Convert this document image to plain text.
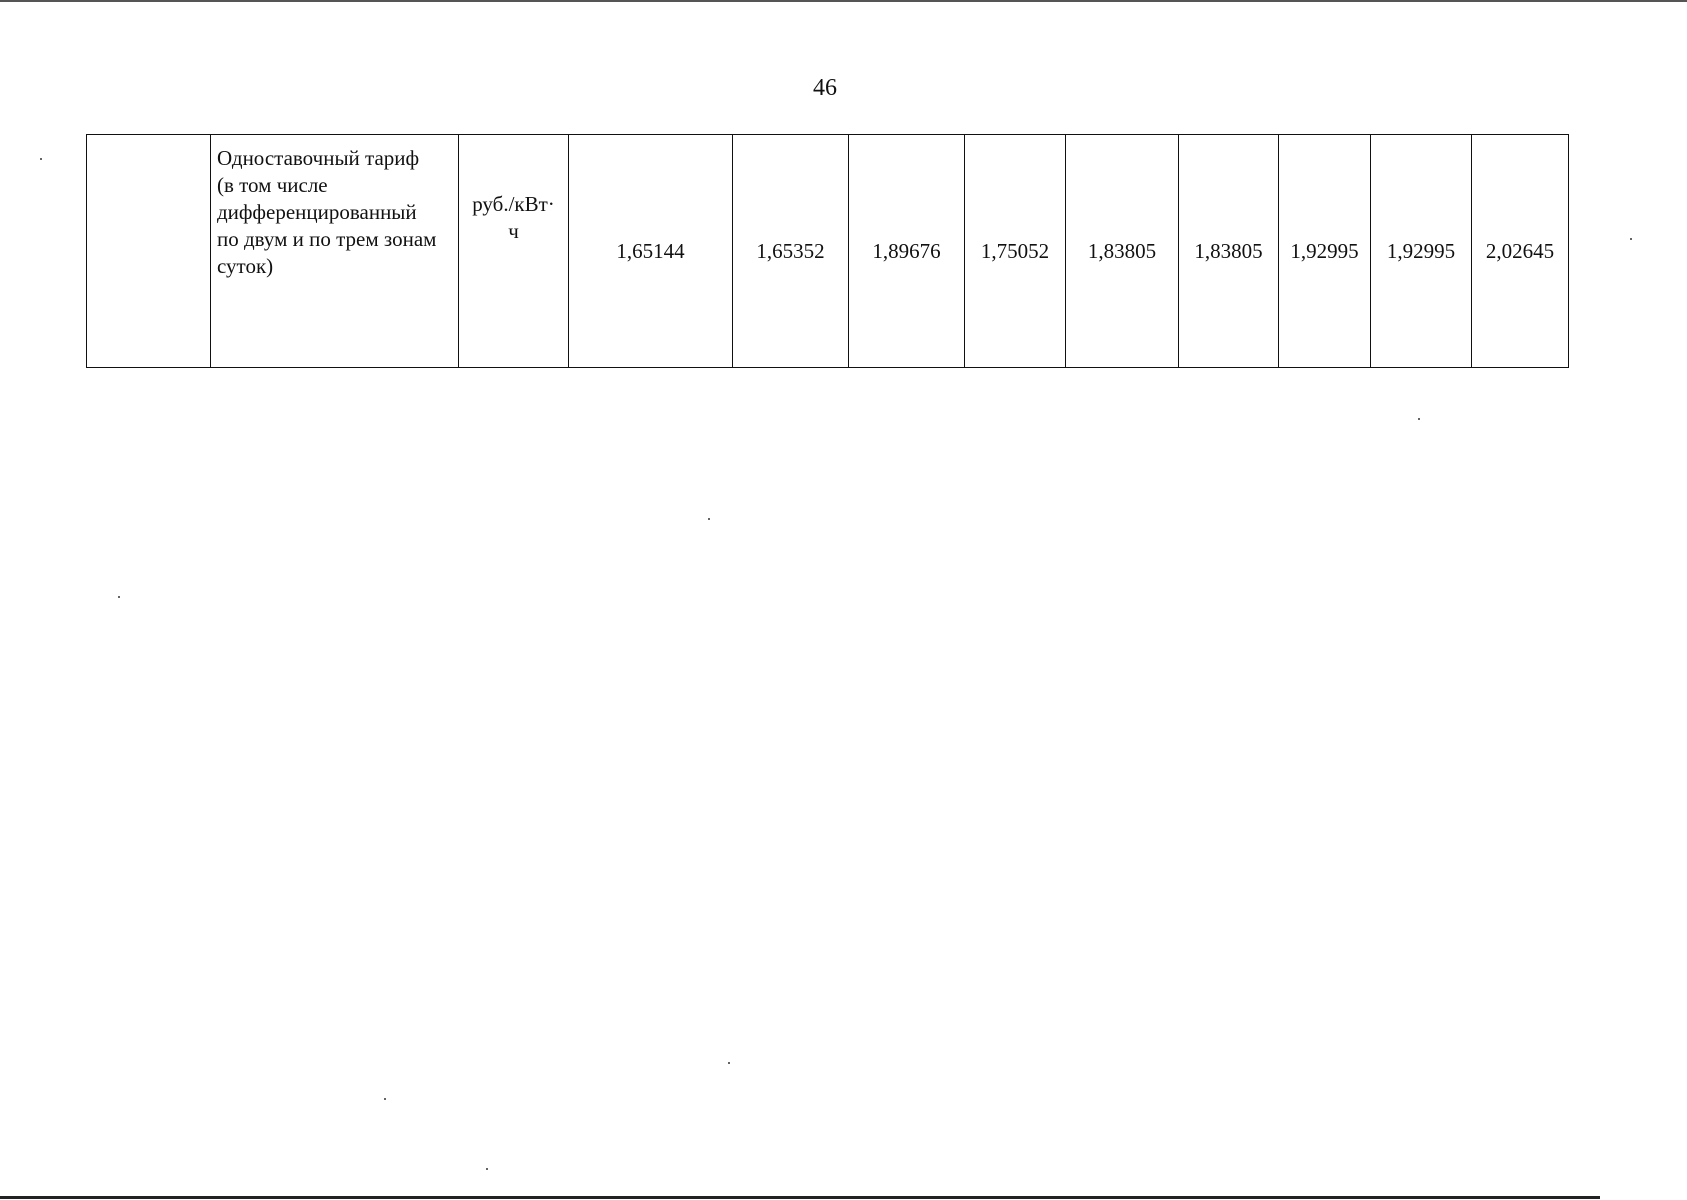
46

Одноставочный тариф
(в том числе
дифференцированный
по двум и по трем зонам
суток)

руб./кВт·
ч
	1,65144	1,65352	1,89676	1,75052	1,83805	1,83805	1,92995	1,92995	2,02645
